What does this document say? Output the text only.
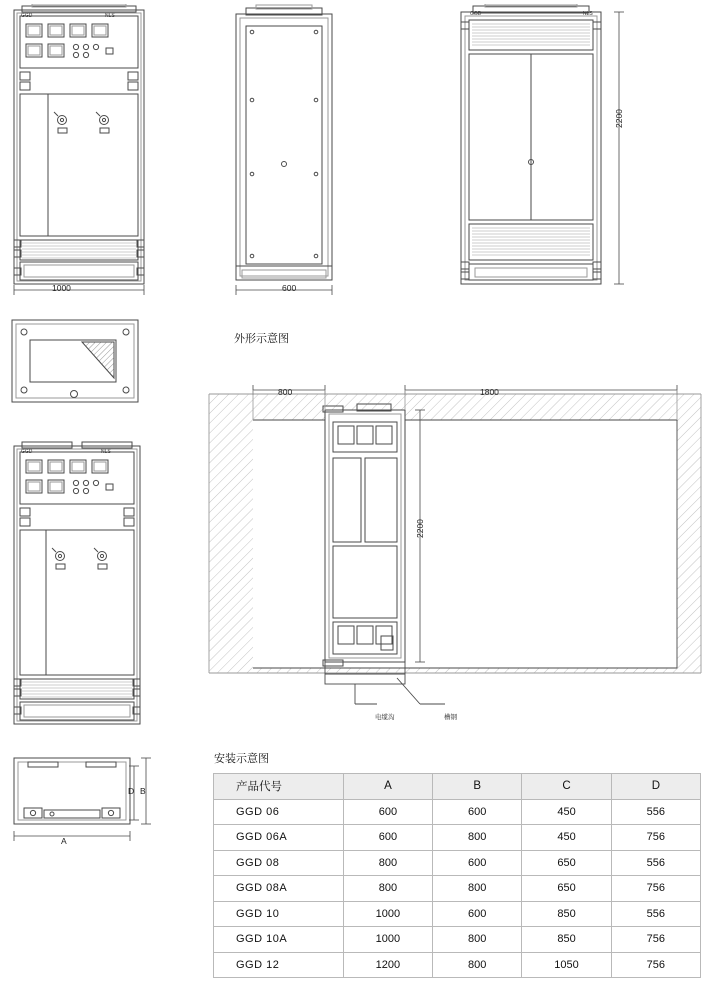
GGD	NLS
1000	600
GGD	NLS
2200
GGD	NLS
A
D B
外形示意图
800	1800
2200
电缆沟	槽钢
安装示意图
产品代号	A	B	C	D
GGD 06	600	600	450	556
GGD 06A	600	800	450	756
GGD 08	800	600	650	556
GGD 08A	800	800	650	756
GGD 10	1000	600	850	556
GGD 10A	1000	800	850	756
GGD 12	1200	800	1050	756
